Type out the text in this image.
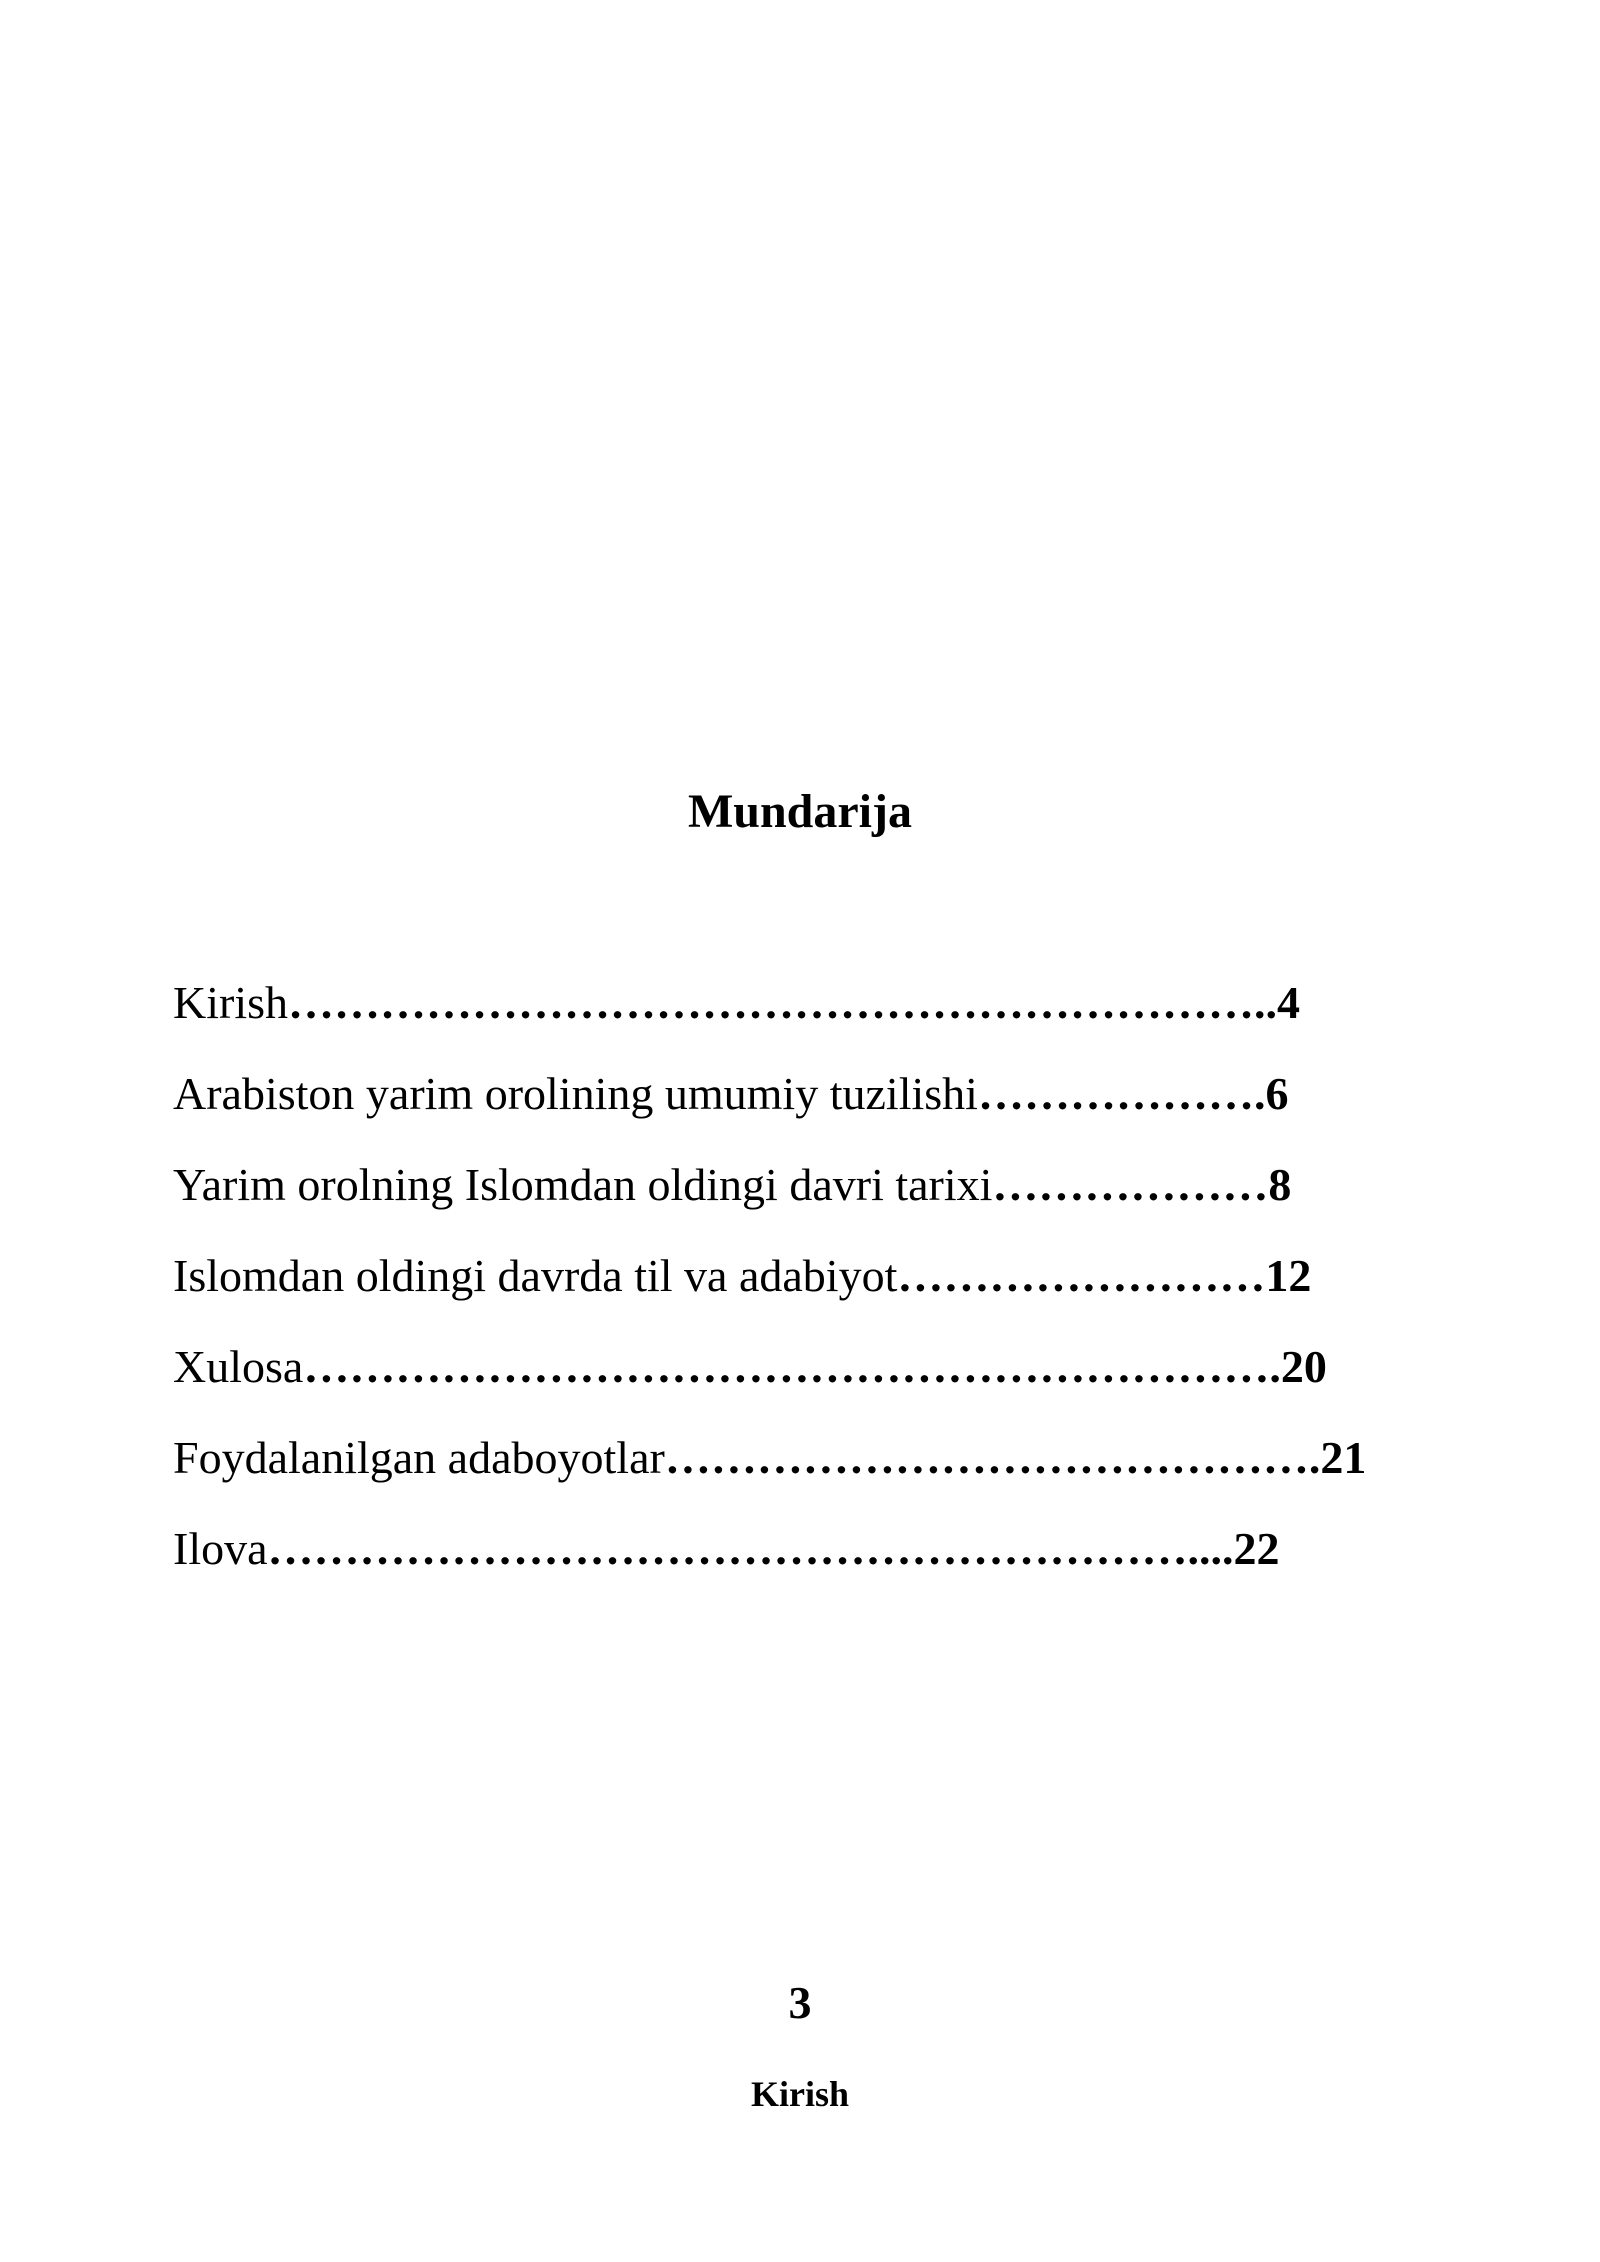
Mundarija
Kirish………………………………………………………..4
Arabiston yarim orolining umumiy tuzilishi……………….6
Yarim orolning Islomdan oldingi davri tarixi………………8
Islomdan oldingi davrda til va adabiyot……………………12
Xulosa……………………………………………………….20
Foydalanilgan adaboyotlar…………………………………….21
Ilova……………………………………………………....22
3
Kirish
